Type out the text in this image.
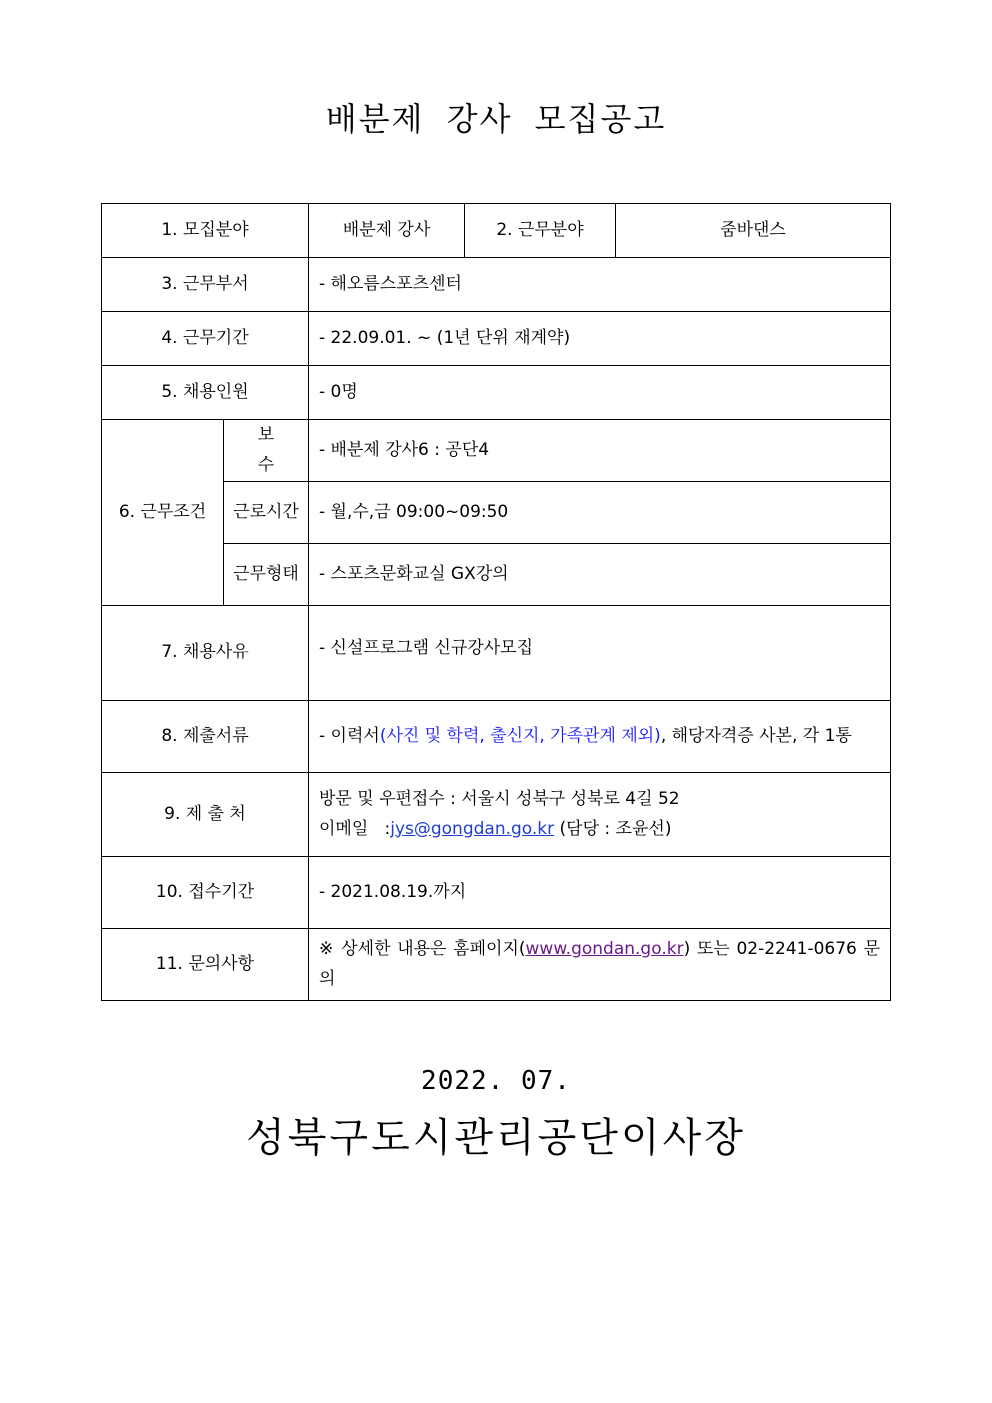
배분제 강사 모집공고
1. 모집분야		배분제 강사	2. 근무분야	줌바댄스
3. 근무부서		- 해오름스포츠센터		
4. 근무기간		- 22.09.01. ~ (1년 단위 재계약)		
5. 채용인원		- 0명		
6. 근무조건	보 수	- 배분제 강사6 : 공단4		
	근로시간	- 월,수,금 09:00~09:50		
	근무형태	- 스포츠문화교실 GX강의		
7. 채용사유		- 신설프로그램 신규강사모집		
8. 제출서류		- 이력서(사진 및 학력, 출신지, 가족관계 제외), 해당자격증 사본, 각 1통		
9. 제 출 처		방문 및 우편접수 : 서울시 성북구 성북로 4길 52
이메일   :jys@gongdan.go.kr (담당 : 조윤선)		

10. 접수기간		- 2021.08.19.까지		
11. 문의사항		※ 상세한 내용은 홈페이지(www.gondan.go.kr) 또는 02-2241-0676 문의		
2022. 07.
성북구도시관리공단이사장
